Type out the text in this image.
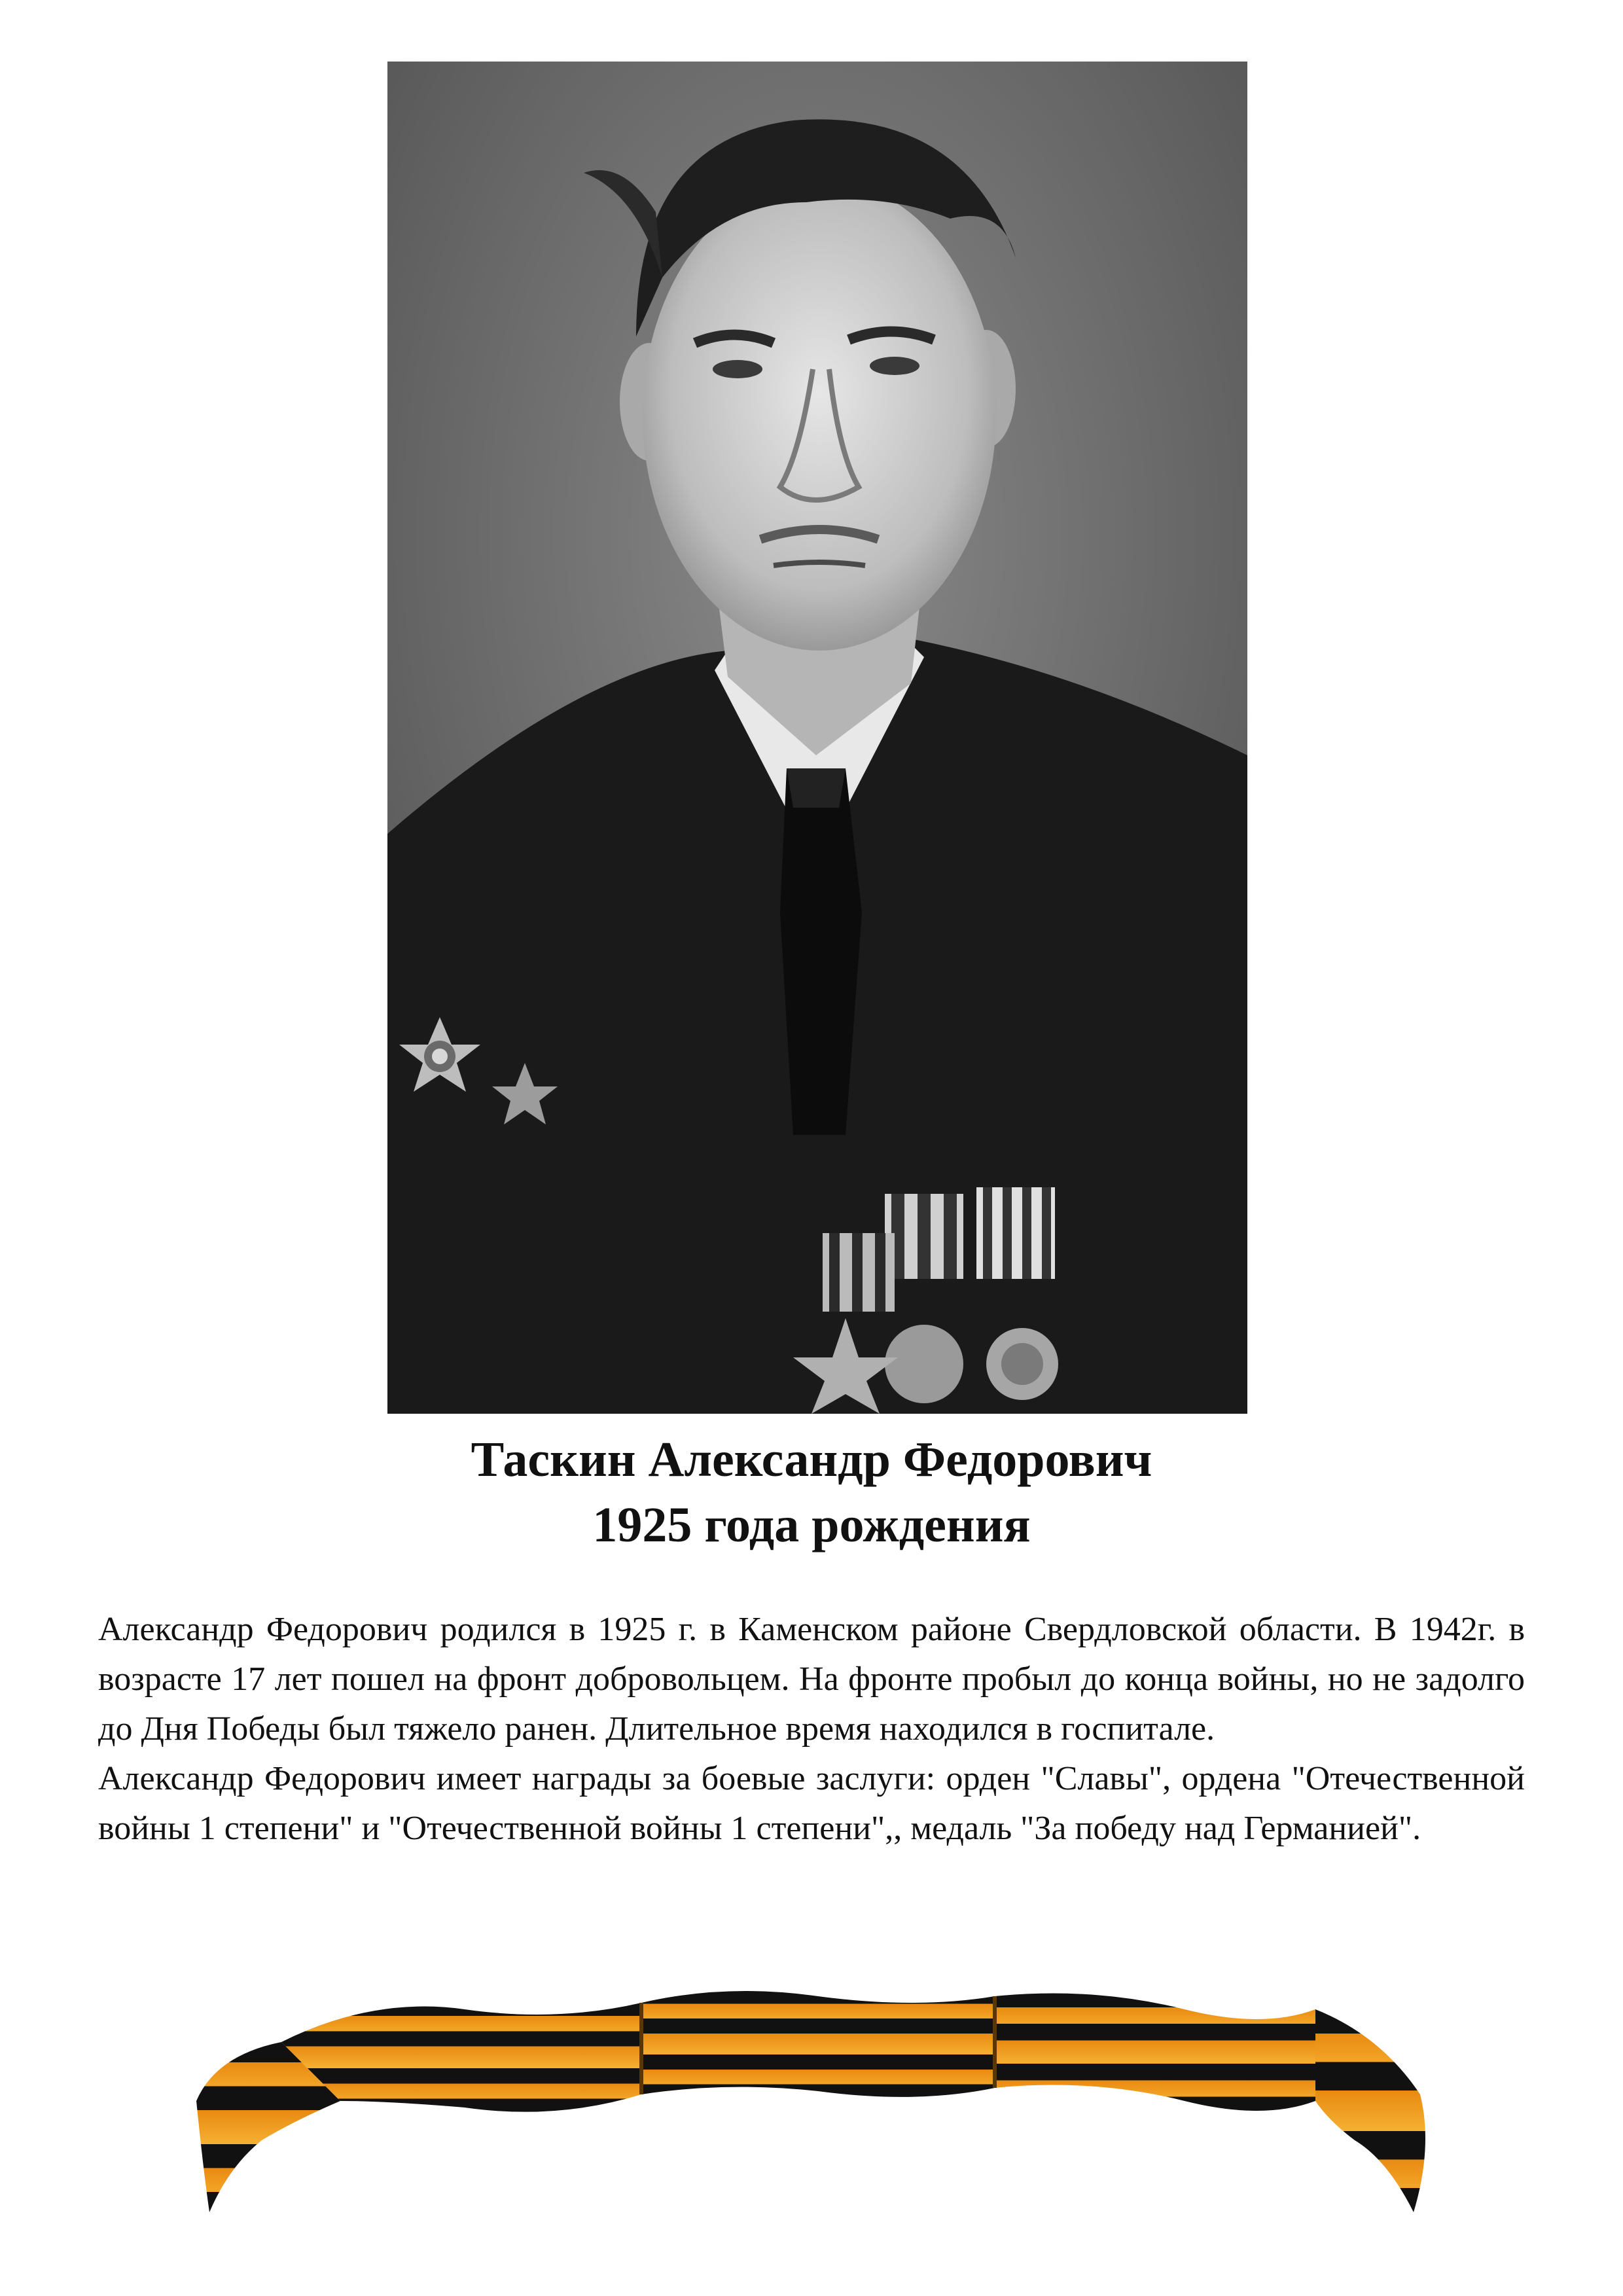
Таскин Александр Федорович
1925 года рождения

Александр Федорович родился в 1925 г. в Каменском районе Свердловской области. В 1942г. в возрасте 17 лет пошел на фронт добровольцем. На фронте пробыл до конца войны, но не задолго до Дня Победы был тяжело ранен. Длительное время находился в госпитале.

Александр Федорович имеет награды за боевые заслуги: орден "Славы", ордена "Отечественной войны 1 степени" и "Отечественной войны 1 степени",, медаль "За победу над Германией".
